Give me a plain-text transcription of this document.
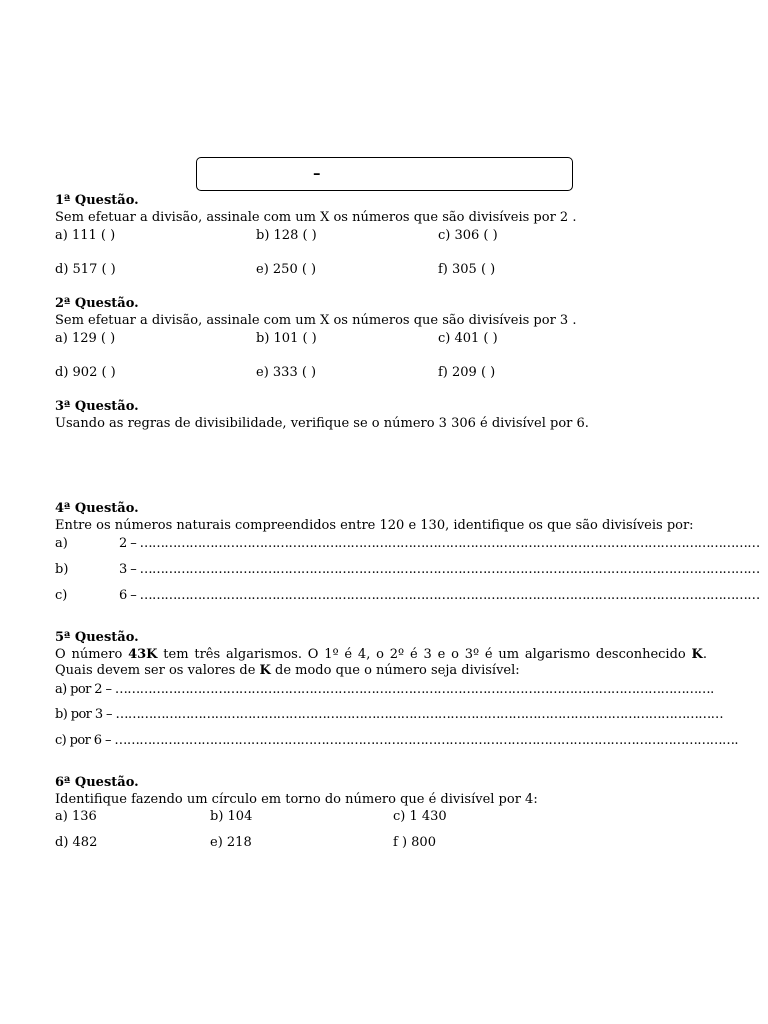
–
1ª Questão.
Sem efetuar a divisão, assinale com um X os números que são divisíveis por 2 .
a) 111 ( )	b) 128 ( )	c) 306 ( )
d) 517 ( )	e) 250 ( )	f) 305 ( )
2ª Questão.
Sem efetuar a divisão, assinale com um X os números que são divisíveis por 3 .
a) 129 ( )	b) 101 ( )	c) 401 ( )
d) 902 ( )	e) 333 ( )	f) 209 ( )
3ª Questão.
Usando as regras de divisibilidade, verifique se o número 3 306 é divisível por 6.
4ª Questão.
Entre os números naturais compreendidos entre 120 e 130, identifique os que são divisíveis por:
a)	2 – ……………………………………………………………………………………………………………………………………
b)	3 – ……………………………………………………………………………………………………………………………………
c)	6 – ……………………………………………………………………………………………………………………………………
5ª Questão.
O número 43K tem três algarismos. O 1º é 4, o 2º é 3 e o 3º é um algarismo desconhecido K. Quais devem ser os valores de K de modo que o número seja divisível:
a) por 2 – ……………………………………………………………………………………………………………………………….
b) por 3 – …………………………………………………………………………………………………………………………………
c) por 6 – …………………………………………………………………………………………………………………………………….
6ª Questão.
Identifique fazendo um círculo em torno do número que é divisível por 4:
a) 136	b) 104	c) 1 430
d) 482	e) 218	f ) 800
